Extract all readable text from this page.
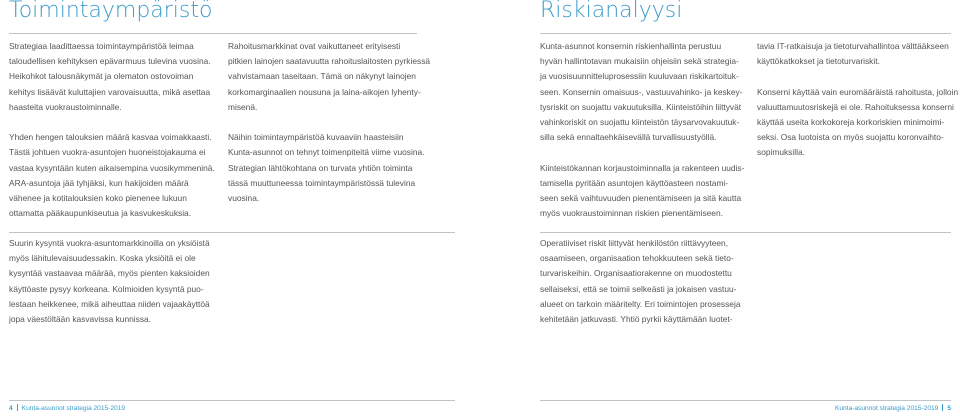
Toimintaympäristö
Strategiaa laadittaessa toimintaympäristöä leimaa
taloudellisen kehityksen epävarmuus tulevina vuosina.
Heikohkot talousnäkymät ja olematon ostovoiman
kehitys lisäävät kuluttajien varovaisuutta, mikä asettaa
haasteita vuokraustoiminnalle.
Yhden hengen talouksien määrä kasvaa voimakkaasti.
Tästä johtuen vuokra-asuntojen huoneistojakauma ei
vastaa kysyntään kuten aikaisempina vuosikymmeninä.
ARA-asuntoja jää tyhjäksi, kun hakijoiden määrä
vähenee ja kotitalouksien koko pienenee lukuun
ottamatta pääkaupunkiseutua ja kasvukeskuksia.
Rahoitusmarkkinat ovat vaikuttaneet erityisesti
pitkien lainojen saatavuutta rahoituslaitosten pyrkiessä
vahvistamaan taseitaan. Tämä on näkynyt lainojen
korkomarginaalien nousuna ja laina-aikojen lyhenty-
misenä.
Näihin toimintaympäristöä kuvaaviin haasteisiin
Kunta-asunnot on tehnyt toimenpiteitä viime vuosina.
Strategian lähtökohtana on turvata yhtiön toiminta
tässä muuttuneessa toimintaympäristössä tulevina
vuosina.
Suurin kysyntä vuokra-asuntomarkkinoilla on yksiöistä
myös lähitulevaisuudessakin. Koska yksiöitä ei ole
kysyntää vastaavaa määrää, myös pienten kaksioiden
käyttöaste pysyy korkeana. Kolmioiden kysyntä puo-
lestaan heikkenee, mikä aiheuttaa niiden vajaakäyttöä
jopa väestöltään kasvavissa kunnissa.
4 Kunta-asunnot strategia 2015-2019
Riskianalyysi
Kunta-asunnot konsernin riskienhallinta perustuu
hyvän hallintotavan mukaisiin ohjeisiin sekä strategia-
ja vuosisuunnitteluprosessiin kuuluvaan riskikartoituk-
seen. Konsernin omaisuus-, vastuuvahinko- ja keskey-
tysriskit on suojattu vakuutuksilla. Kiinteistöihin liittyvät
vahinkoriskit on suojattu kiinteistön täysarvovakuutuk-
silla sekä ennaltaehkäisevällä turvallisuustyöllä.
Kiinteistökannan korjaustoiminnalla ja rakenteen uudis-
tamisella pyritään asuntojen käyttöasteen nostami-
seen sekä vaihtuvuuden pienentämiseen ja sitä kautta
myös vuokraustoiminnan riskien pienentämiseen.
tavia IT-ratkaisuja ja tietoturvahallintoa välttääkseen
käyttökatkokset ja tietoturvariskit.
Konserni käyttää vain euromääräistä rahoitusta, jolloin
valuuttamuutosriskejä ei ole. Rahoituksessa konserni
käyttää useita korkokoreja korkoriskien minimoimi-
seksi. Osa luotoista on myös suojattu koronvaihto-
sopimuksilla.
Operatiiviset riskit liittyvät henkilöstön riittävyyteen,
osaamiseen, organisaation tehokkuuteen sekä tieto-
turvariskeihin. Organisaatiorakenne on muodostettu
sellaiseksi, että se toimii selkeästi ja jokaisen vastuu-
alueet on tarkoin määritelty. Eri toimintojen prosesseja
kehitetään jatkuvasti. Yhtiö pyrkii käyttämään luotet-
Kunta-asunnot strategia 2015-2019 5
